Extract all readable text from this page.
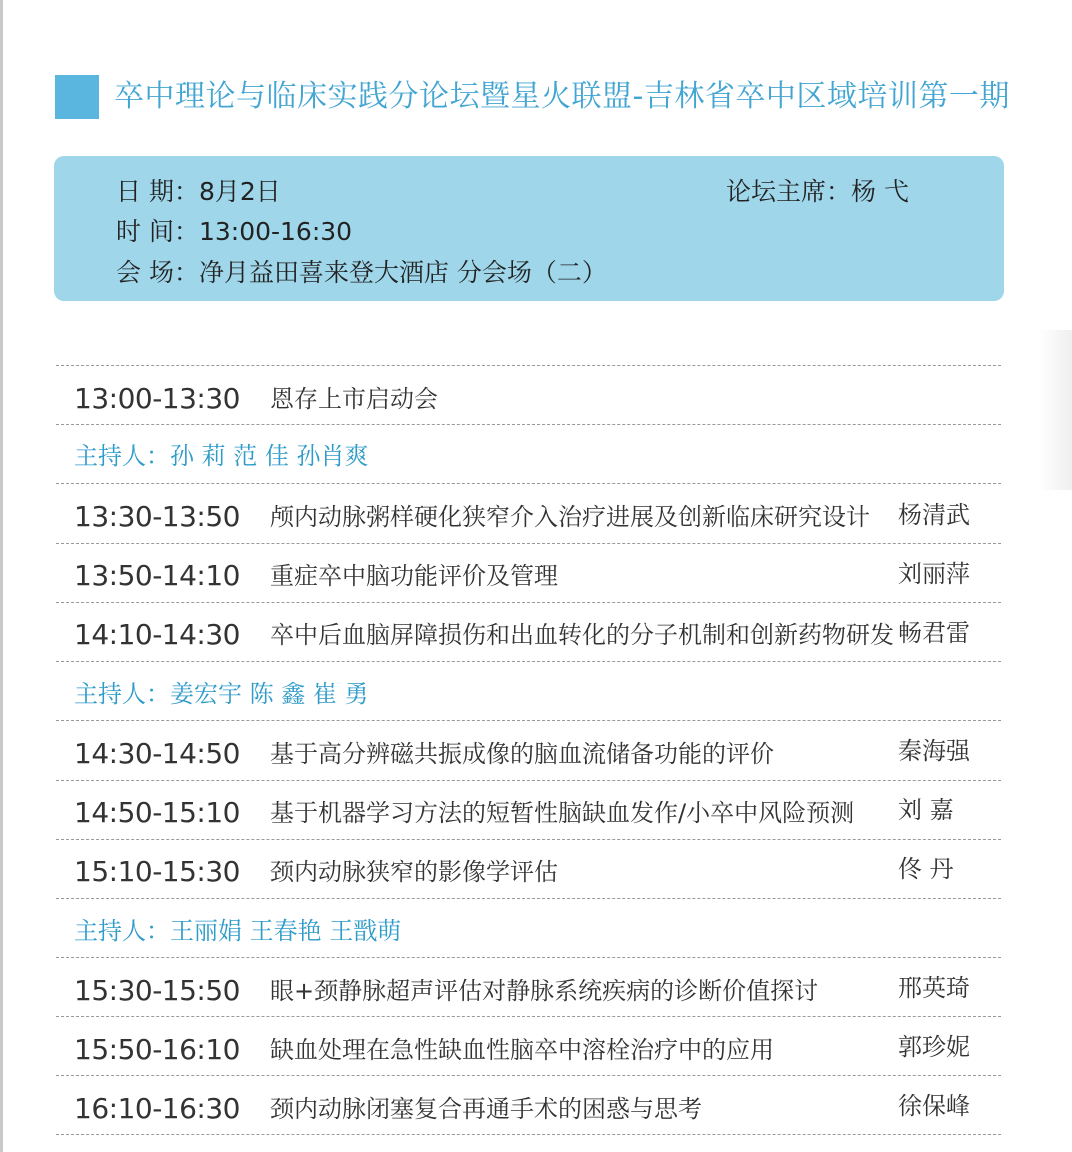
卒中理论与临床实践分论坛暨星火联盟-吉林省卒中区域培训第一期
日 期：8月2日	论坛主席：杨 弋
时 间：13:00-16:30
会 场：净月益田喜来登大酒店 分会场（二）
13:00-13:30 恩存上市启动会
主持人：孙 莉 范 佳 孙肖爽
13:30-13:50 颅内动脉粥样硬化狭窄介入治疗进展及创新临床研究设计 杨清武
13:50-14:10 重症卒中脑功能评价及管理	刘丽萍
14:10-14:30 卒中后血脑屏障损伤和出血转化的分子机制和创新药物研发 畅君雷
主持人：姜宏宇 陈 鑫 崔 勇
14:30-14:50 基于高分辨磁共振成像的脑血流储备功能的评价	秦海强
14:50-15:10 基于机器学习方法的短暂性脑缺血发作/小卒中风险预测 刘 嘉
15:10-15:30 颈内动脉狭窄的影像学评估	佟 丹
主持人：王丽娟 王春艳 王戬萌
15:30-15:50 眼+颈静脉超声评估对静脉系统疾病的诊断价值探讨	邢英琦
15:50-16:10 缺血处理在急性缺血性脑卒中溶栓治疗中的应用	郭珍妮
16:10-16:30 颈内动脉闭塞复合再通手术的困惑与思考	徐保峰
